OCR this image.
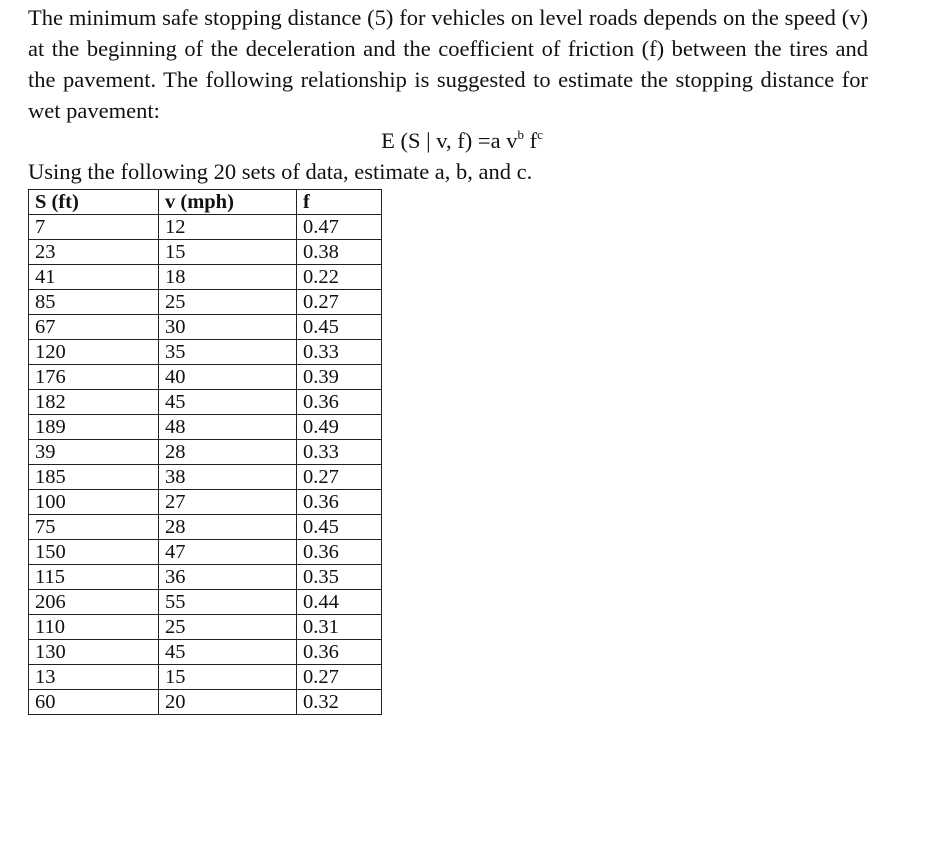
The minimum safe stopping distance (5) for vehicles on level roads depends on the speed (v) at the beginning of the deceleration and the coefficient of friction (f) between the tires and the pavement. The following relationship is suggested to estimate the stopping distance for wet pavement:

E (S | v, f) =a $v^b$ $f^c$

Using the following 20 sets of data, estimate a, b, and c.

S (ft)	v (mph)	f
7	12	0.47
23	15	0.38
41	18	0.22
85	25	0.27
67	30	0.45
120	35	0.33
176	40	0.39
182	45	0.36
189	48	0.49
39	28	0.33
185	38	0.27
100	27	0.36
75	28	0.45
150	47	0.36
115	36	0.35
206	55	0.44
110	25	0.31
130	45	0.36
13	15	0.27
60	20	0.32
